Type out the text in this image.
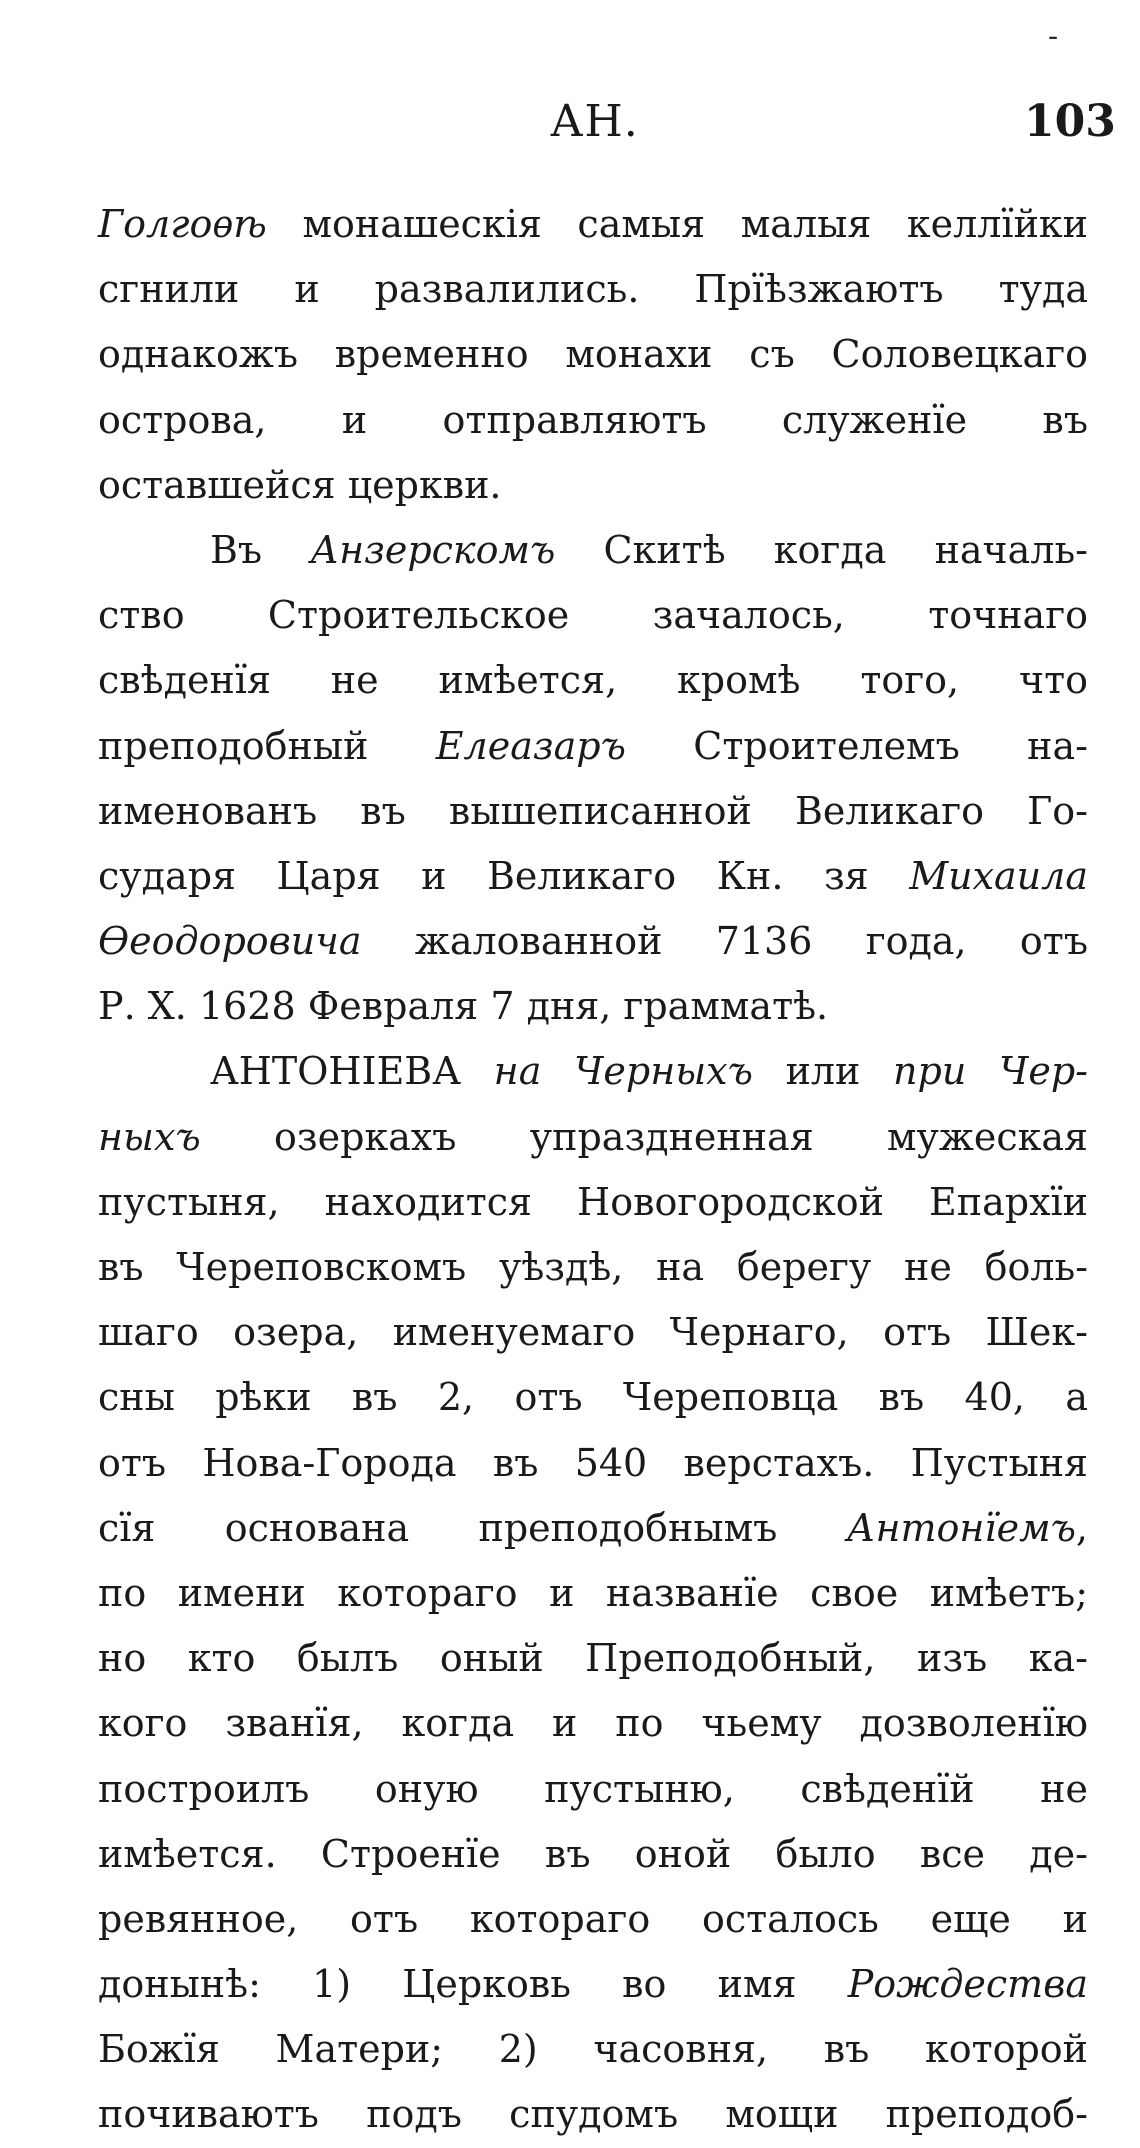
-
АН.	103
Голгоѳѣ монашескія самыя малыя келлїйки
сгнили и развалились. Прїѣзжаютъ туда
однакожъ временно монахи съ Соловецкаго
острова, и отправляютъ служенїе въ
оставшейся церкви.
Въ Анзерскомъ Скитѣ когда началь-
ство Строительское зачалось, точнаго
свѣденїя не имѣется, кромѣ того, что
преподобный Елеазаръ Строителемъ на-
именованъ въ вышеписанной Великаго Го-
сударя Царя и Великаго Кн. зя Михаила
Ѳеодоровича жалованной 7136 года, отъ
Р. Х. 1628 Февраля 7 дня, грамматѣ.
АНТОНІЕВА на Черныхъ или при Чер-
ныхъ озеркахъ упраздненная мужеская
пустыня, находится Новогородской Епархїи
въ Череповскомъ уѣздѣ, на берегу не боль-
шаго озера, именуемаго Чернаго, отъ Шек-
сны рѣки въ 2, отъ Череповца въ 40, а
отъ Нова-Города въ 540 верстахъ. Пустыня
сїя основана преподобнымъ Антонїемъ,
по имени котораго и названїе свое имѣетъ;
но кто былъ оный Преподобный, изъ ка-
кого званїя, когда и по чьему дозволенїю
построилъ оную пустыню, свѣденїй не
имѣется. Строенїе въ оной было все де-
ревянное, отъ котораго осталось еще и
донынѣ: 1) Церковь во имя Рождества
Божїя Матери; 2) часовня, въ которой
почиваютъ подъ спудомъ мощи преподоб-
